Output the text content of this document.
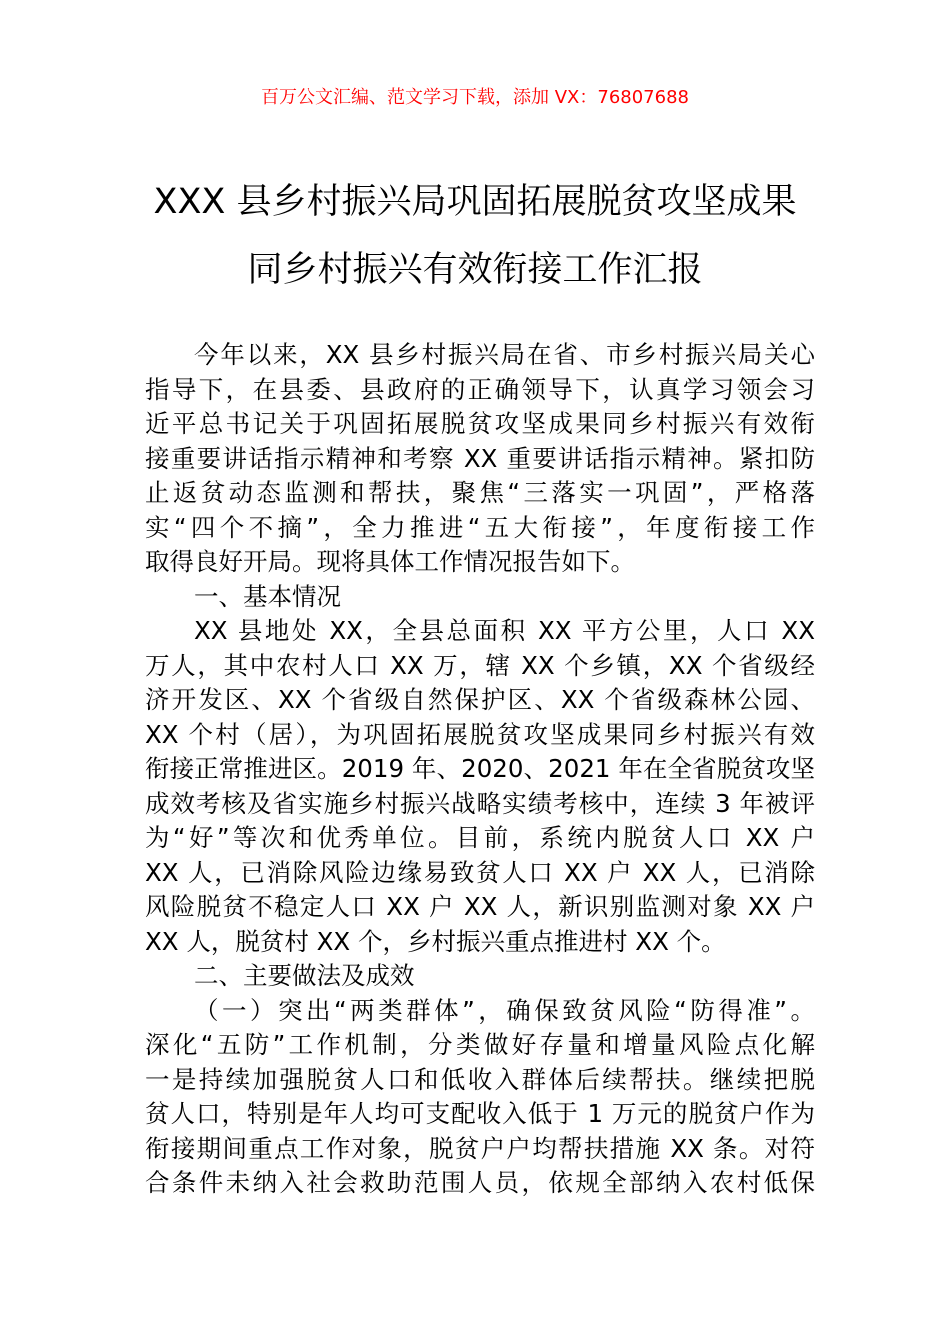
百万公文汇编、范文学习下载，添加 VX：76807688
XXX 县乡村振兴局巩固拓展脱贫攻坚成果
同乡村振兴有效衔接工作汇报
今年以来，XX 县乡村振兴局在省、市乡村振兴局关心
指导下，在县委、县政府的正确领导下，认真学习领会习
近平总书记关于巩固拓展脱贫攻坚成果同乡村振兴有效衔
接重要讲话指示精神和考察 XX 重要讲话指示精神。紧扣防
止返贫动态监测和帮扶，聚焦“三落实一巩固”，严格落
实“四个不摘”，全力推进“五大衔接”，年度衔接工作
取得良好开局。现将具体工作情况报告如下。
一、基本情况
XX 县地处 XX，全县总面积 XX 平方公里，人口 XX
万人，其中农村人口 XX 万，辖 XX 个乡镇，XX 个省级经
济开发区、XX 个省级自然保护区、XX 个省级森林公园、
XX 个村（居），为巩固拓展脱贫攻坚成果同乡村振兴有效
衔接正常推进区。2019 年、2020、2021 年在全省脱贫攻坚
成效考核及省实施乡村振兴战略实绩考核中，连续 3 年被评
为“好”等次和优秀单位。目前，系统内脱贫人口 XX 户
XX 人，已消除风险边缘易致贫人口 XX 户 XX 人，已消除
风险脱贫不稳定人口 XX 户 XX 人，新识别监测对象 XX 户
XX 人，脱贫村 XX 个，乡村振兴重点推进村 XX 个。
二、主要做法及成效
（一）突出“两类群体”，确保致贫风险“防得准”。
深化“五防”工作机制，分类做好存量和增量风险点化解
一是持续加强脱贫人口和低收入群体后续帮扶。继续把脱
贫人口，特别是年人均可支配收入低于 1 万元的脱贫户作为
衔接期间重点工作对象，脱贫户户均帮扶措施 XX 条。对符
合条件未纳入社会救助范围人员，依规全部纳入农村低保
